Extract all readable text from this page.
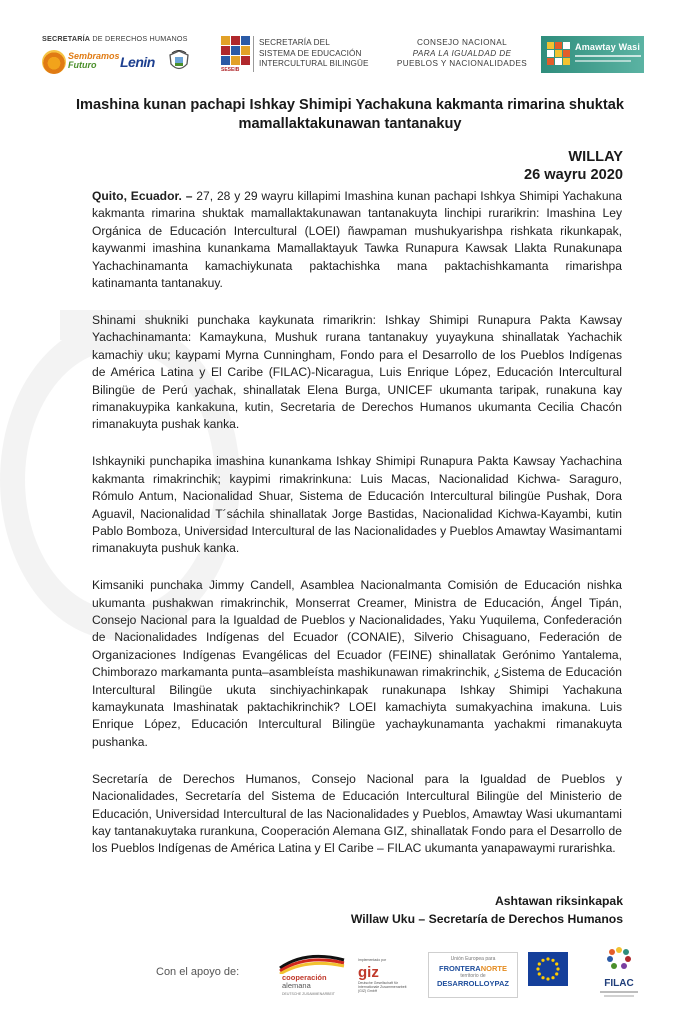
SECRETARÍA DE DERECHOS HUMANOS
Sembramos
Futuro	Lenin	SESEIB
SECRETARÍA DEL
SISTEMA DE EDUCACIÓN
INTERCULTURAL BILINGÜE
CONSEJO NACIONAL
PARA LA IGUALDAD DE
PUEBLOS Y NACIONALIDADES
Amawtay Wasi
Imashina kunan pachapi Ishkay Shimipi Yachakuna kakmanta rimarina shuktak mamallaktakunawan tantanakuy
WILLAY
26 wayru 2020

Quito, Ecuador. – 27, 28 y 29 wayru killapimi Imashina kunan pachapi Ishkya Shimipi Yachakuna kakmanta rimarina shuktak mamallaktakunawan tantanakuyta linchipi rurarikrin: Imashina Ley Orgánica de Educación Intercultural (LOEI) ñawpaman mushukyarishpa rishkata rikunkapak, kaywanmi imashina kunankama Mamallaktayuk Tawka Runapura Kawsak Llakta Runakunapa Yachachinamanta kamachiykunata paktachishka mana paktachishkamanta rimarishpa katinamanta tantanakuy.

Shinami shukniki punchaka kaykunata rimarikrin: Ishkay Shimipi Runapura Pakta Kawsay Yachachinamanta: Kamaykuna, Mushuk rurana tantanakuy yuyaykuna shinallatak Yachachik kamachiy uku; kaypami Myrna Cunningham, Fondo para el Desarrollo de los Pueblos Indígenas de América Latina y El Caribe (FILAC)-Nicaragua, Luis Enrique López, Educación Intercultural Bilingüe de Perú yachak, shinallatak Elena Burga, UNICEF ukumanta taripak, runakuna kay rimanakuypika kankakuna, kutin, Secretaria de Derechos Humanos ukumanta Cecilia Chacón rimanakuyta pushak kanka.

Ishkayniki punchapika imashina kunankama Ishkay Shimipi Runapura Pakta Kawsay Yachachina kakmanta rimakrinchik; kaypimi rimakrinkuna: Luis Macas, Nacionalidad Kichwa- Saraguro, Rómulo Antum, Nacionalidad Shuar, Sistema de Educación Intercultural bilingüe Pushak, Dora Aguavil, Nacionalidad T´sáchila shinallatak Jorge Bastidas, Nacionalidad Kichwa-Kayambi, kutin Pablo Bomboza, Universidad Intercultural de las Nacionalidades y Pueblos Amawtay Wasimantami rimanakuyta pushuk kanka.

Kimsaniki punchaka Jimmy Candell, Asamblea Nacionalmanta Comisión de Educación nishka ukumanta pushakwan rimakrinchik, Monserrat Creamer, Ministra de Educación, Ángel Tipán, Consejo Nacional para la Igualdad de Pueblos y Nacionalidades, Yaku Yuquilema, Confederación de Nacionalidades Indígenas del Ecuador (CONAIE), Silverio Chisaguano, Federación de Organizaciones Indígenas Evangélicas del Ecuador (FEINE) shinallatak Gerónimo Yantalema, Chimborazo markamanta punta–asambleísta mashikunawan rimakrinchik, ¿Sistema de Educación Intercultural Bilingüe ukuta sinchiyachinkapak runakunapa Ishkay Shimipi Yachakuna kamaykunata Imashinatak paktachikrinchik? LOEI kamachiyta sumakyachina imakuna. Luis Enrique López, Educación Intercultural Bilingüe yachaykunamanta yachakmi rimanakuyta pushanka.

Secretaría de Derechos Humanos, Consejo Nacional para la Igualdad de Pueblos y Nacionalidades, Secretaría del Sistema de Educación Intercultural Bilingüe del Ministerio de Educación, Universidad Intercultural de las Nacionalidades y Pueblos, Amawtay Wasi ukumantami kay tantanakuytaka rurankuna, Cooperación Alemana GIZ, shinallatak Fondo para el Desarrollo de los Pueblos Indígenas de América Latina y El Caribe – FILAC ukumanta yanapawaymi rurarishka.

Ashtawan riksinkapak
Willaw Uku – Secretaría de Derechos Humanos
Con el apoyo de:	cooperación
alemana
DEUTSCHE ZUSAMMENARBEIT
Implementado por
giz
Deutsche Gesellschaft für Internationale Zusammenarbeit (GIZ) GmbH
Unión Europea para
FRONTERANORTE
territorio de
DESARROLLOYPAZ	FILAC
